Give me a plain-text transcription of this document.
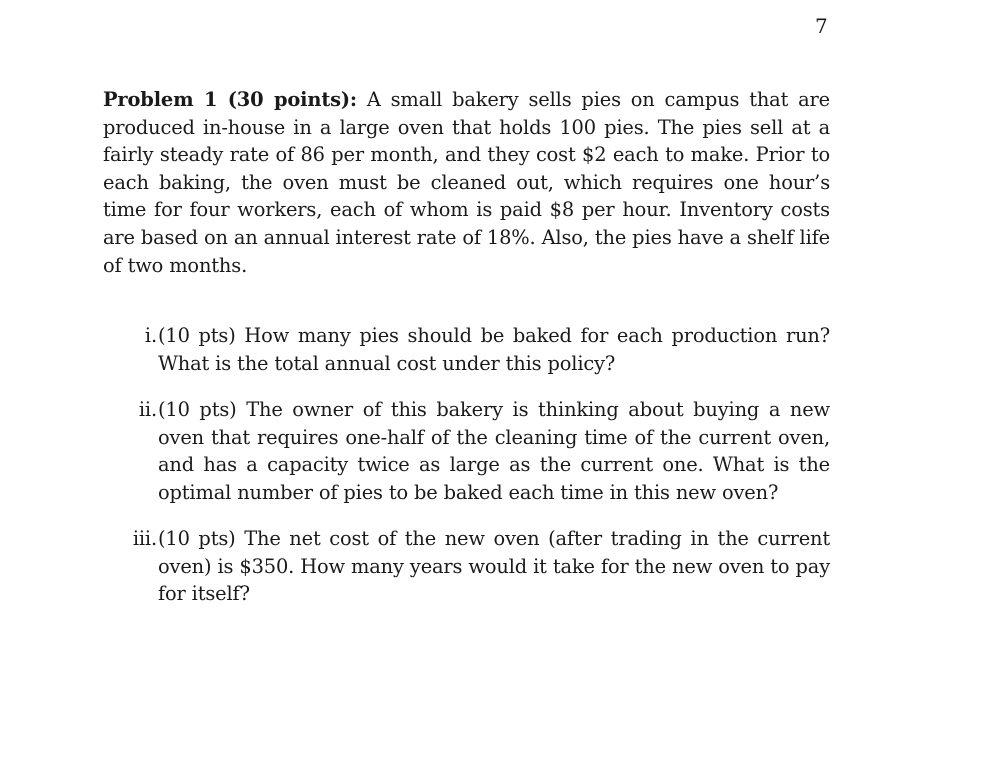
7

Problem 1 (30 points): A small bakery sells pies on campus that are produced in-house in a large oven that holds 100 pies. The pies sell at a fairly steady rate of 86 per month, and they cost $2 each to make. Prior to each baking, the oven must be cleaned out, which requires one hour’s time for four workers, each of whom is paid $8 per hour. Inventory costs are based on an annual interest rate of 18%. Also, the pies have a shelf life of two months.

i. (10 pts) How many pies should be baked for each production run? What is the total annual cost under this policy?
ii. (10 pts) The owner of this bakery is thinking about buying a new oven that requires one-half of the cleaning time of the current oven, and has a capacity twice as large as the current one. What is the optimal number of pies to be baked each time in this new oven?
iii. (10 pts) The net cost of the new oven (after trading in the current oven) is $350. How many years would it take for the new oven to pay for itself?
